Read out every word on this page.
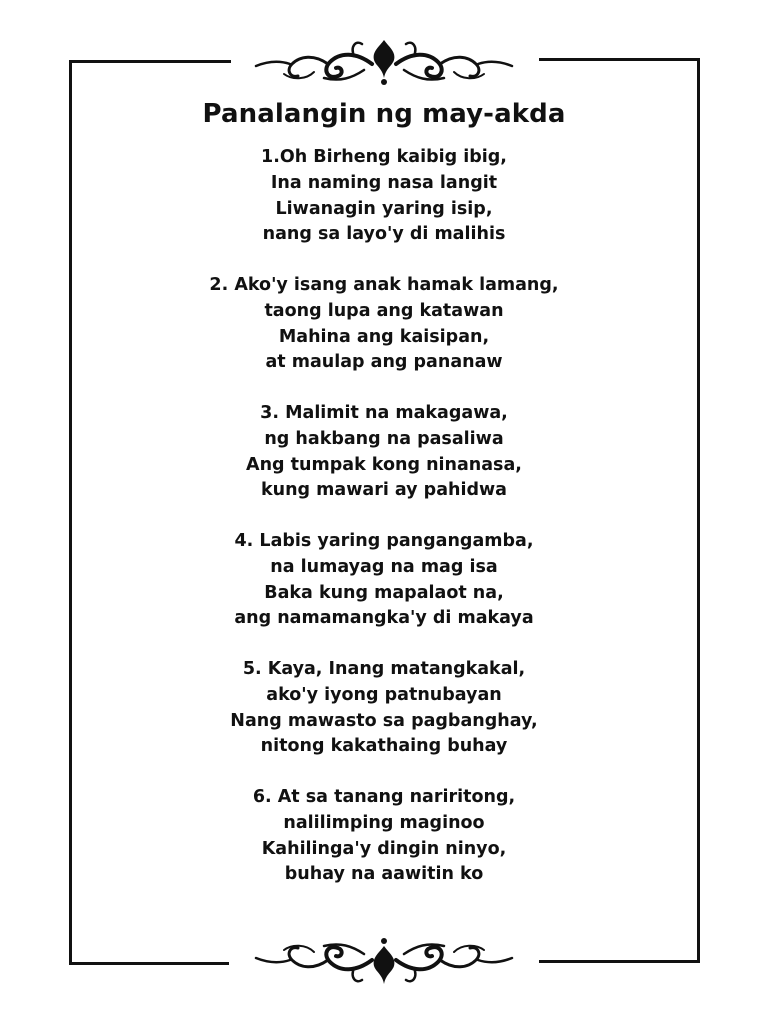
Panalangin ng may-akda
1.Oh Birheng kaibig ibig,
Ina naming nasa langit
Liwanagin yaring isip,
nang sa layo'y di malihis
2. Ako'y isang anak hamak lamang,
taong lupa ang katawan
Mahina ang kaisipan,
at maulap ang pananaw
3. Malimit na makagawa,
ng hakbang na pasaliwa
Ang tumpak kong ninanasa,
kung mawari ay pahidwa
4. Labis yaring pangangamba,
na lumayag na mag isa
Baka kung mapalaot na,
ang namamangka'y di makaya
5. Kaya, Inang matangkakal,
ako'y iyong patnubayan
Nang mawasto sa pagbanghay,
nitong kakathaing buhay
6. At sa tanang nariritong,
nalilimping maginoo
Kahilinga'y dingin ninyo,
buhay na aawitin ko
